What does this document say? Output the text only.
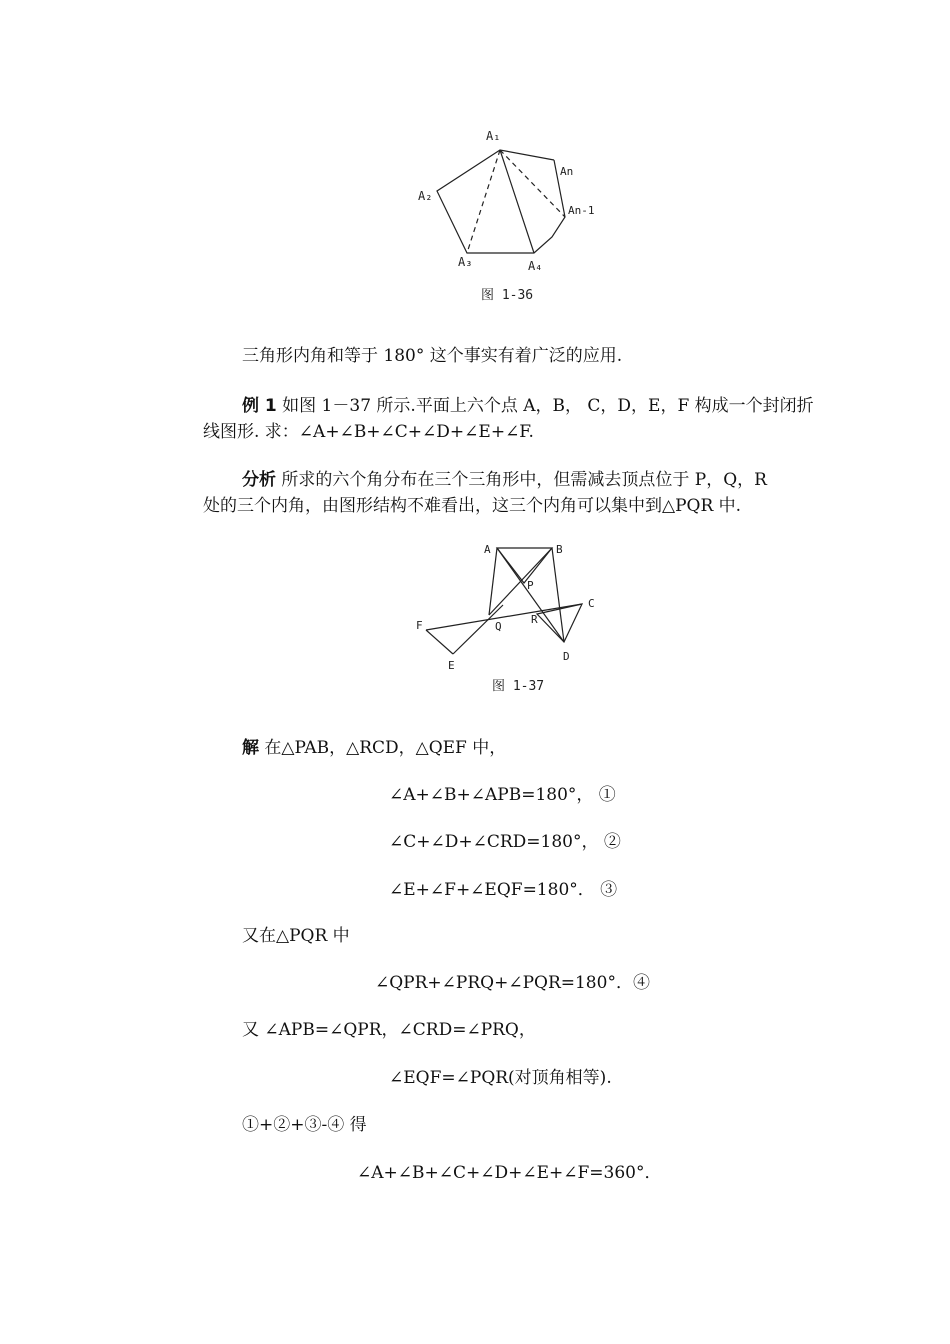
A₁
A₂
A₃	A₄
An
An-1
图 1-36
三角形内角和等于 180° 这个事实有着广泛的应用.
例 1 如图 1－37 所示.平面上六个点 A，B， C，D，E，F 构成一个封闭折
线图形. 求：∠A+∠B+∠C+∠D+∠E+∠F.
分析 所求的六个角分布在三个三角形中，但需减去顶点位于 P，Q，R
处的三个内角，由图形结构不难看出，这三个内角可以集中到△PQR 中.
A	B
C
D
E
F
P
Q
R
图 1-37
解 在△PAB，△RCD，△QEF 中，
∠A+∠B+∠APB=180°， ①
∠C+∠D+∠CRD=180°， ②
∠E+∠F+∠EQF=180°． ③
又在△PQR 中
∠QPR+∠PRQ+∠PQR=180°．④
又 ∠APB=∠QPR，∠CRD=∠PRQ，
∠EQF=∠PQR(对顶角相等).
①+②+③-④ 得
∠A+∠B+∠C+∠D+∠E+∠F=360°．
